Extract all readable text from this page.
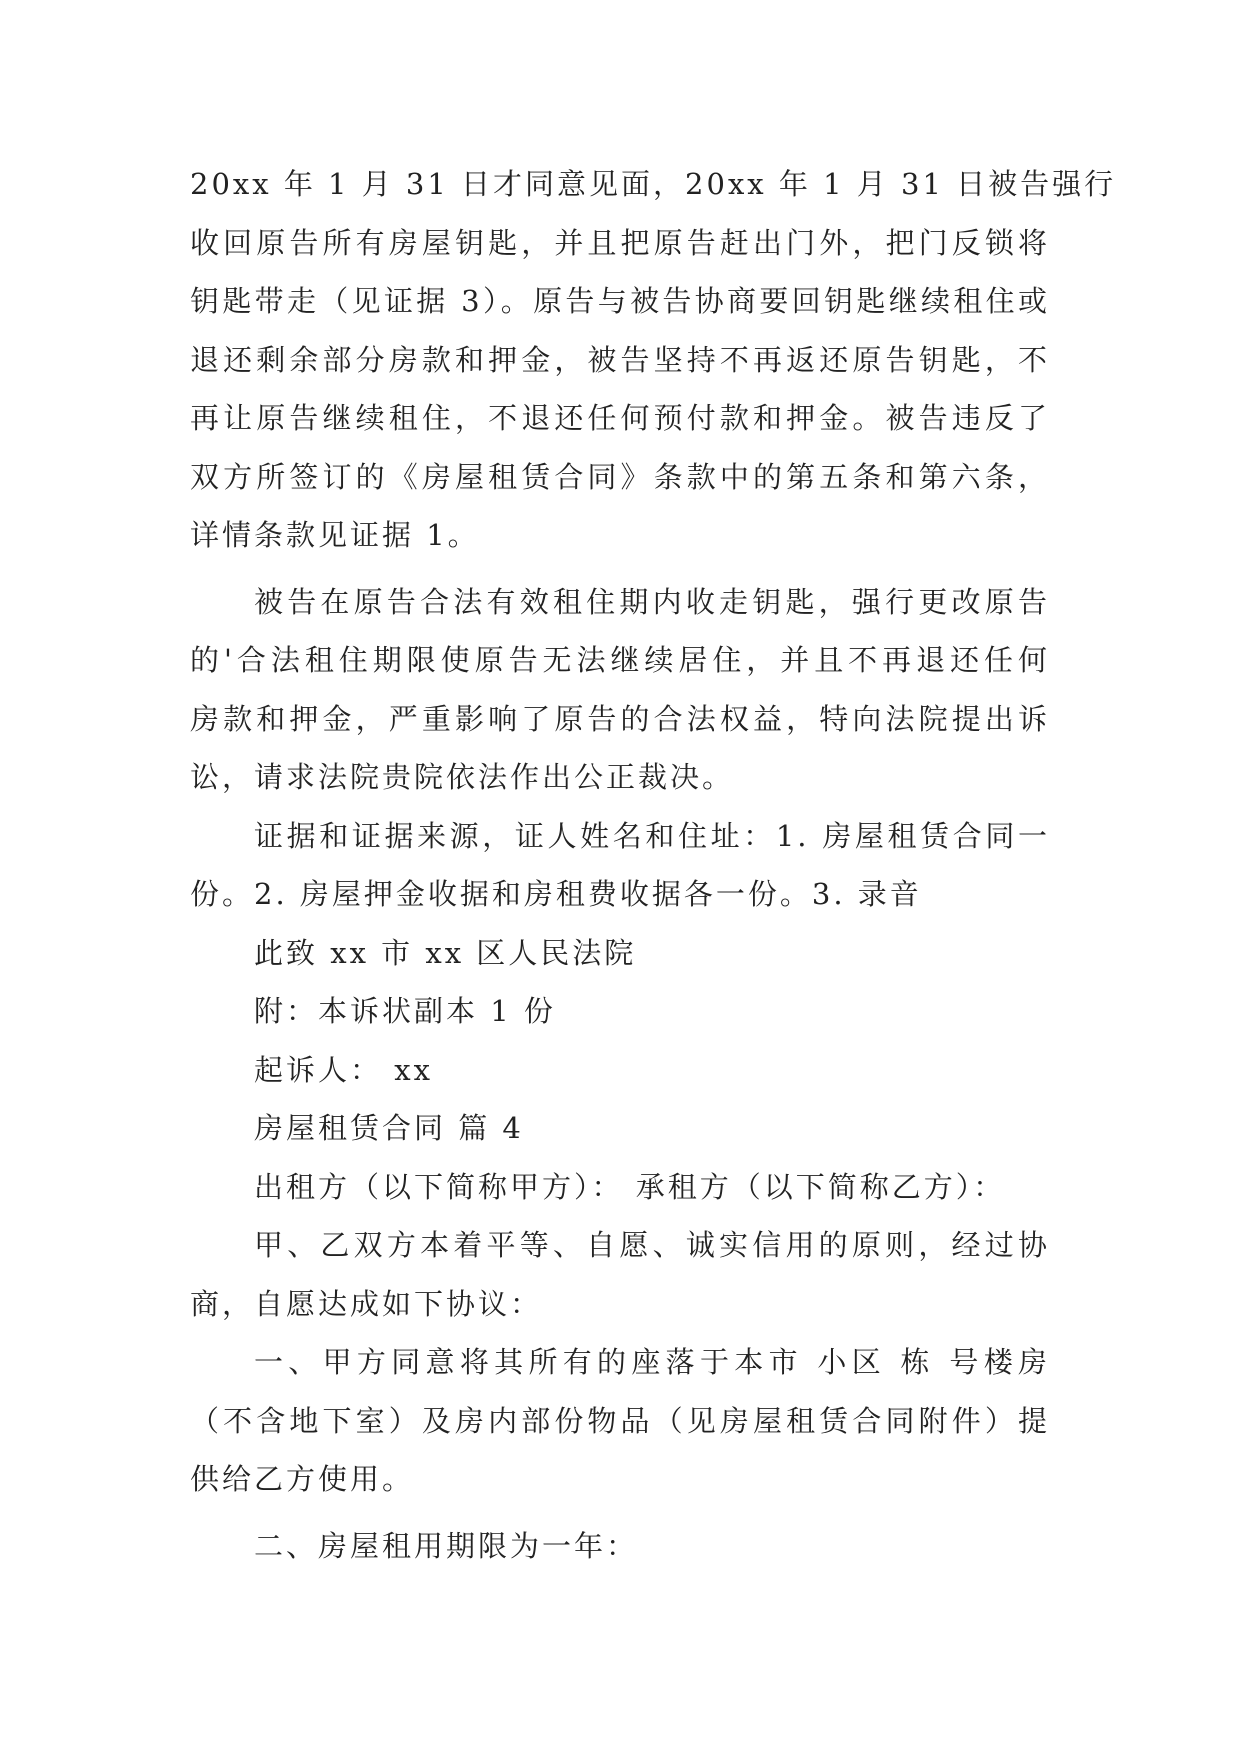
20xx 年 1 月 31 日才同意见面，20xx 年 1 月 31 日被告强行
收回原告所有房屋钥匙，并且把原告赶出门外，把门反锁将
钥匙带走（见证据 3）。原告与被告协商要回钥匙继续租住或
退还剩余部分房款和押金，被告坚持不再返还原告钥匙，不
再让原告继续租住，不退还任何预付款和押金。被告违反了
双方所签订的《房屋租赁合同》条款中的第五条和第六条，
详情条款见证据 1。

被告在原告合法有效租住期内收走钥匙，强行更改原告
的'合法租住期限使原告无法继续居住，并且不再退还任何
房款和押金，严重影响了原告的合法权益，特向法院提出诉
讼，请求法院贵院依法作出公正裁决。

证据和证据来源，证人姓名和住址：1. 房屋租赁合同一
份。2. 房屋押金收据和房租费收据各一份。3. 录音

此致 xx 市 xx 区人民法院

附：本诉状副本 1 份

起诉人： xx

房屋租赁合同 篇 4

出租方（以下简称甲方）： 承租方（以下简称乙方）：

甲、乙双方本着平等、自愿、诚实信用的原则，经过协
商，自愿达成如下协议：

一、甲方同意将其所有的座落于本市 小区 栋 号楼房
（不含地下室）及房内部份物品（见房屋租赁合同附件）提
供给乙方使用。

二、房屋租用期限为一年：
